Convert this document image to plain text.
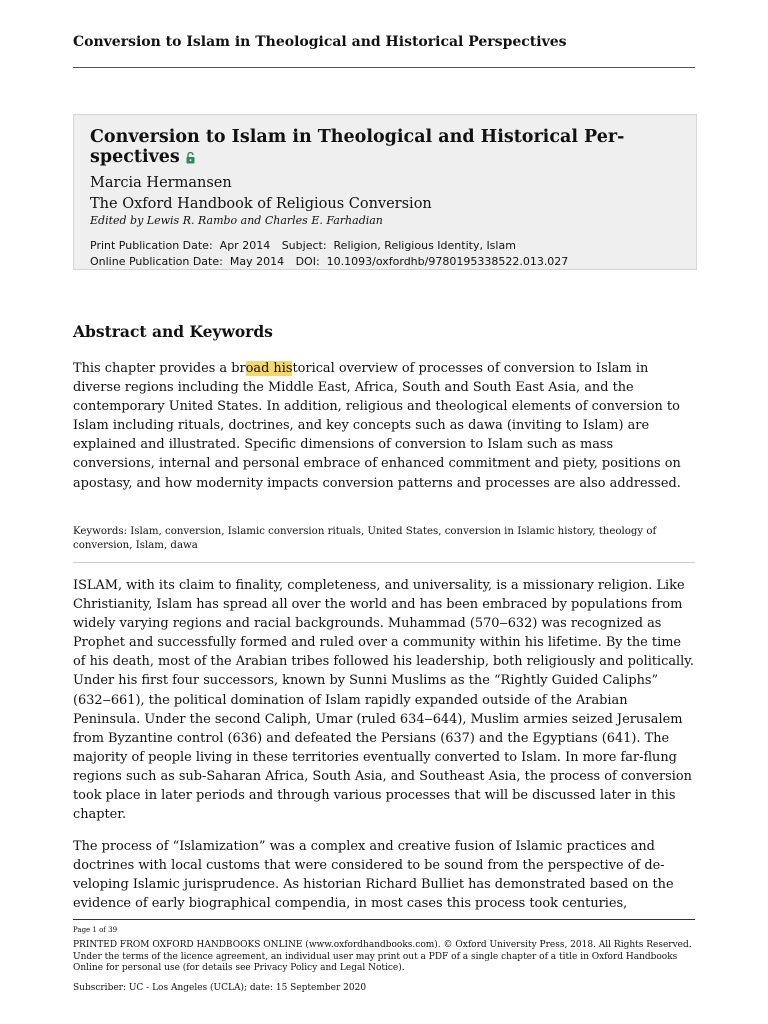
Conversion to Islam in Theological and Historical Perspectives
Conversion to Islam in Theological and Historical Per-
spectives
Marcia Hermansen
The Oxford Handbook of Religious Conversion
Edited by Lewis R. Rambo and Charles E. Farhadian
Print Publication Date: Apr 2014 Subject: Religion, Religious Identity, Islam
Online Publication Date: May 2014 DOI: 10.1093/oxfordhb/9780195338522.013.027
Abstract and Keywords

This chapter provides a broad historical overview of processes of conversion to Islam in diverse regions including the Middle East, Africa, South and South East Asia, and the contemporary United States. In addition, religious and theological elements of conversion to Islam including rituals, doctrines, and key concepts such as dawa (inviting to Islam) are explained and illustrated. Specific dimensions of conversion to Islam such as mass conversions, internal and personal embrace of enhanced commitment and piety, positions on apostasy, and how modernity impacts conversion patterns and processes are also addressed.

Keywords: Islam, conversion, Islamic conversion rituals, United States, conversion in Islamic history, theology of conversion, Islam, dawa

ISLAM, with its claim to finality, completeness, and universality, is a missionary religion. Like Christianity, Islam has spread all over the world and has been embraced by populations from widely varying regions and racial backgrounds. Muhammad (570‒632) was recognized as Prophet and successfully formed and ruled over a community within his lifetime. By the time of his death, most of the Arabian tribes followed his leadership, both religiously and politically. Under his first four successors, known by Sunni Muslims as the “Rightly Guided Caliphs” (632‒661), the political domination of Islam rapidly expanded outside of the Arabian Peninsula. Under the second Caliph, Umar (ruled 634‒644), Muslim armies seized Jerusalem from Byzantine control (636) and defeated the Persians (637) and the Egyptians (641). The majority of people living in these territories eventually converted to Islam. In more far-flung regions such as sub-Saharan Africa, South Asia, and Southeast Asia, the process of conversion took place in later periods and through various processes that will be discussed later in this chapter.

The process of “Islamization” was a complex and creative fusion of Islamic practices and doctrines with local customs that were considered to be sound from the perspective of developing Islamic jurisprudence. As historian Richard Bulliet has demonstrated based on the evidence of early biographical compendia, in most cases this process took centuries,

Page 1 of 39
PRINTED FROM OXFORD HANDBOOKS ONLINE (www.oxfordhandbooks.com). © Oxford University Press, 2018. All Rights Reserved. Under the terms of the licence agreement, an individual user may print out a PDF of a single chapter of a title in Oxford Handbooks Online for personal use (for details see Privacy Policy and Legal Notice).
Subscriber: UC - Los Angeles (UCLA); date: 15 September 2020
